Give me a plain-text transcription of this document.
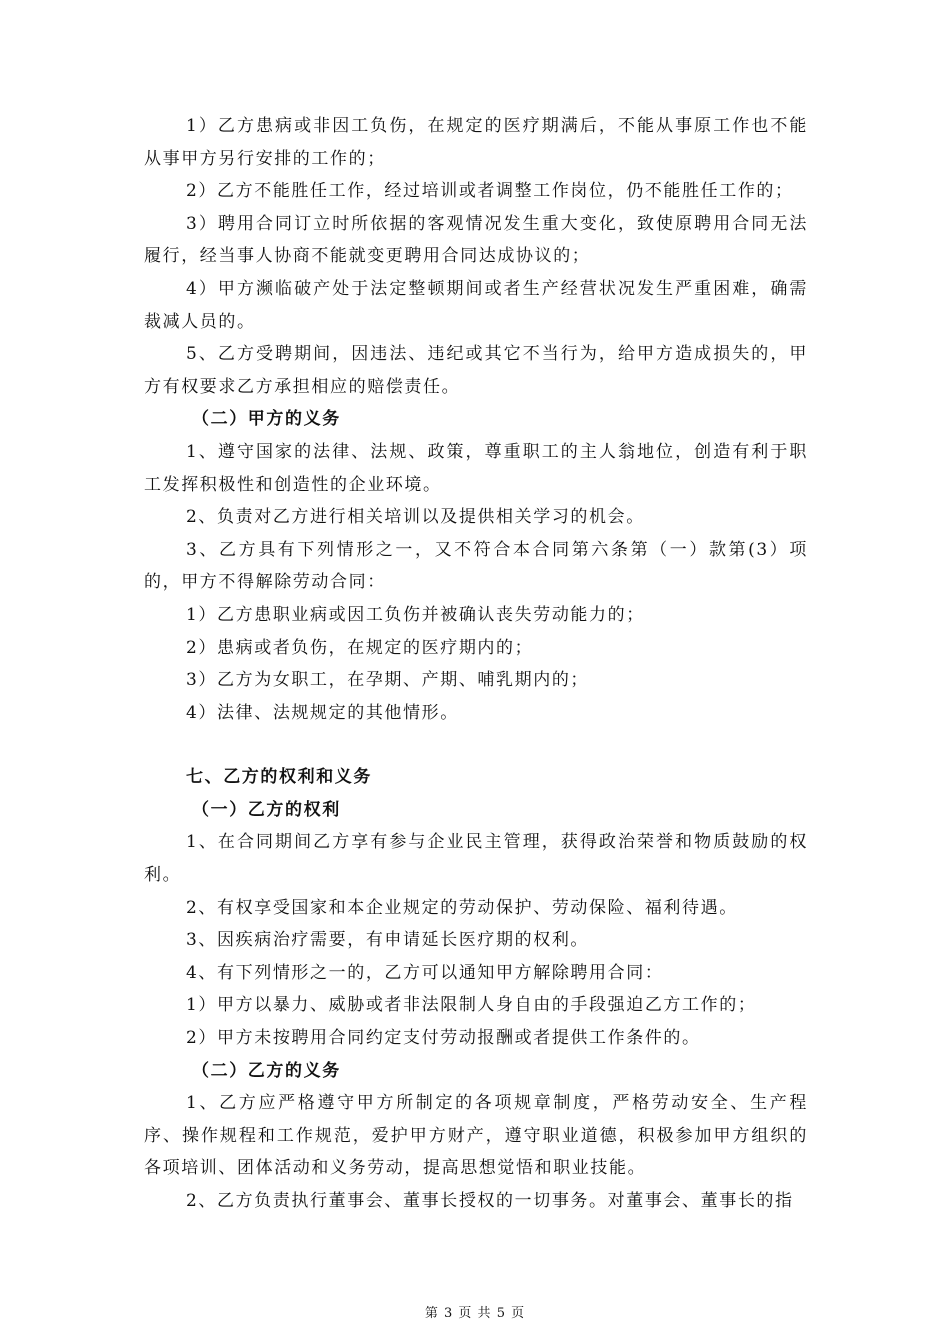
1）乙方患病或非因工负伤，在规定的医疗期满后，不能从事原工作也不能从事甲方另行安排的工作的；

2）乙方不能胜任工作，经过培训或者调整工作岗位，仍不能胜任工作的；

3）聘用合同订立时所依据的客观情况发生重大变化，致使原聘用合同无法履行，经当事人协商不能就变更聘用合同达成协议的；

4）甲方濒临破产处于法定整顿期间或者生产经营状况发生严重困难，确需裁减人员的。

5、乙方受聘期间，因违法、违纪或其它不当行为，给甲方造成损失的，甲方有权要求乙方承担相应的赔偿责任。

（二）甲方的义务

1、遵守国家的法律、法规、政策，尊重职工的主人翁地位，创造有利于职工发挥积极性和创造性的企业环境。

2、负责对乙方进行相关培训以及提供相关学习的机会。

3、乙方具有下列情形之一，又不符合本合同第六条第（一）款第(3）项的，甲方不得解除劳动合同：

1）乙方患职业病或因工负伤并被确认丧失劳动能力的；

2）患病或者负伤，在规定的医疗期内的；

3）乙方为女职工，在孕期、产期、哺乳期内的；

4）法律、法规规定的其他情形。

七、乙方的权利和义务

（一）乙方的权利

1、在合同期间乙方享有参与企业民主管理，获得政治荣誉和物质鼓励的权利。

2、有权享受国家和本企业规定的劳动保护、劳动保险、福利待遇。

3、因疾病治疗需要，有申请延长医疗期的权利。

4、有下列情形之一的，乙方可以通知甲方解除聘用合同：

1）甲方以暴力、威胁或者非法限制人身自由的手段强迫乙方工作的；

2）甲方未按聘用合同约定支付劳动报酬或者提供工作条件的。

（二）乙方的义务

1、乙方应严格遵守甲方所制定的各项规章制度，严格劳动安全、生产程序、操作规程和工作规范，爱护甲方财产，遵守职业道德，积极参加甲方组织的各项培训、团体活动和义务劳动，提高思想觉悟和职业技能。

2、乙方负责执行董事会、董事长授权的一切事务。对董事会、董事长的指

第 3 页 共 5 页
